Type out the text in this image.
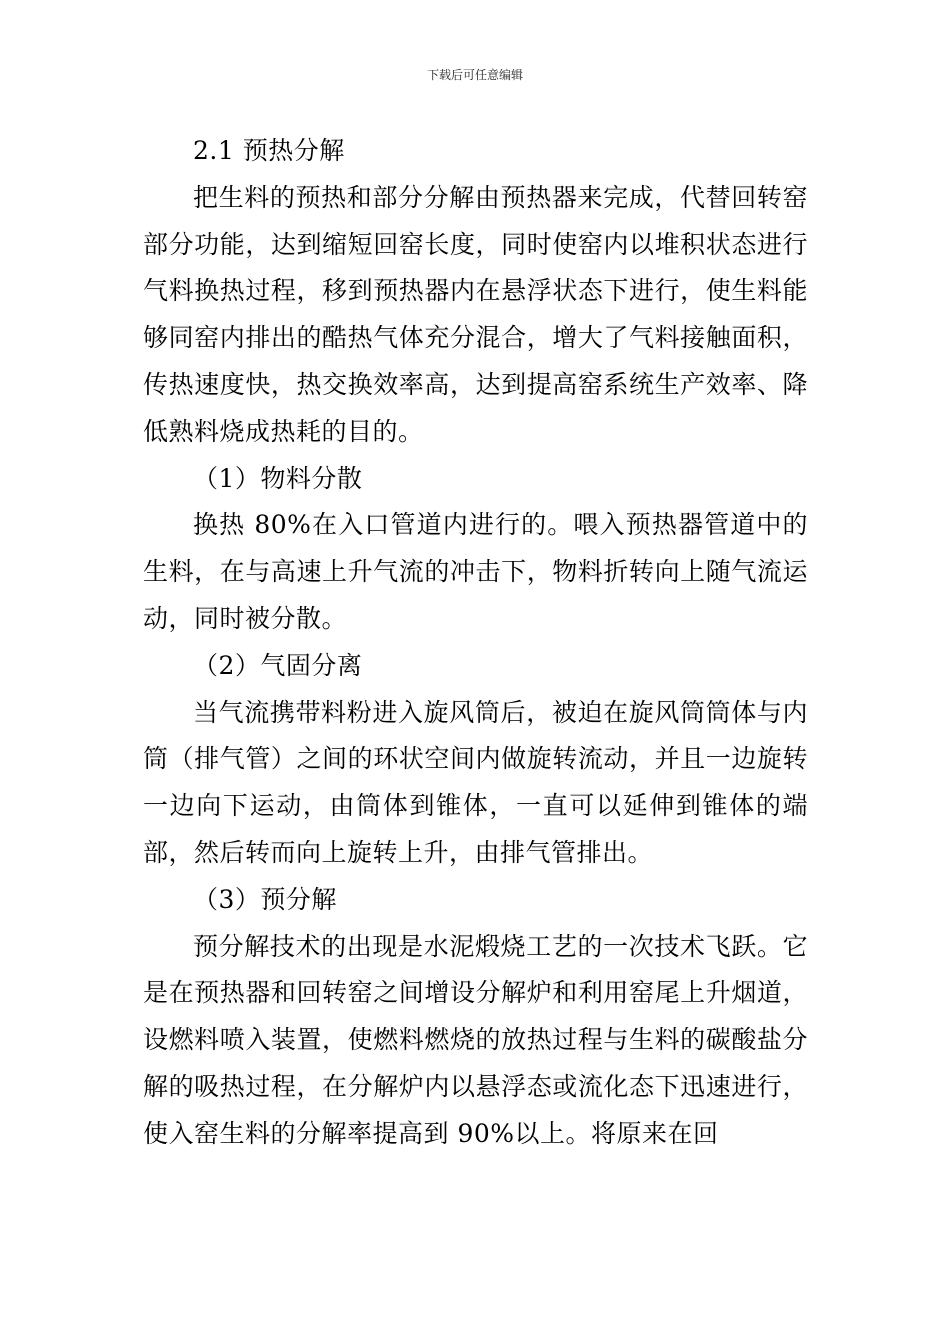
下载后可任意编辑

2.1 预热分解

把生料的预热和部分分解由预热器来完成，代替回转窑部分功能，达到缩短回窑长度，同时使窑内以堆积状态进行气料换热过程，移到预热器内在悬浮状态下进行，使生料能够同窑内排出的酷热气体充分混合，增大了气料接触面积，传热速度快，热交换效率高，达到提高窑系统生产效率、降低熟料烧成热耗的目的。

（1）物料分散

换热 80%在入口管道内进行的。喂入预热器管道中的生料，在与高速上升气流的冲击下，物料折转向上随气流运动，同时被分散。

（2）气固分离

当气流携带料粉进入旋风筒后，被迫在旋风筒筒体与内筒（排气管）之间的环状空间内做旋转流动，并且一边旋转一边向下运动，由筒体到锥体，一直可以延伸到锥体的端部，然后转而向上旋转上升，由排气管排出。

（3）预分解

预分解技术的出现是水泥煅烧工艺的一次技术飞跃。它是在预热器和回转窑之间增设分解炉和利用窑尾上升烟道，设燃料喷入装置，使燃料燃烧的放热过程与生料的碳酸盐分解的吸热过程，在分解炉内以悬浮态或流化态下迅速进行，使入窑生料的分解率提高到 90%以上。将原来在回
